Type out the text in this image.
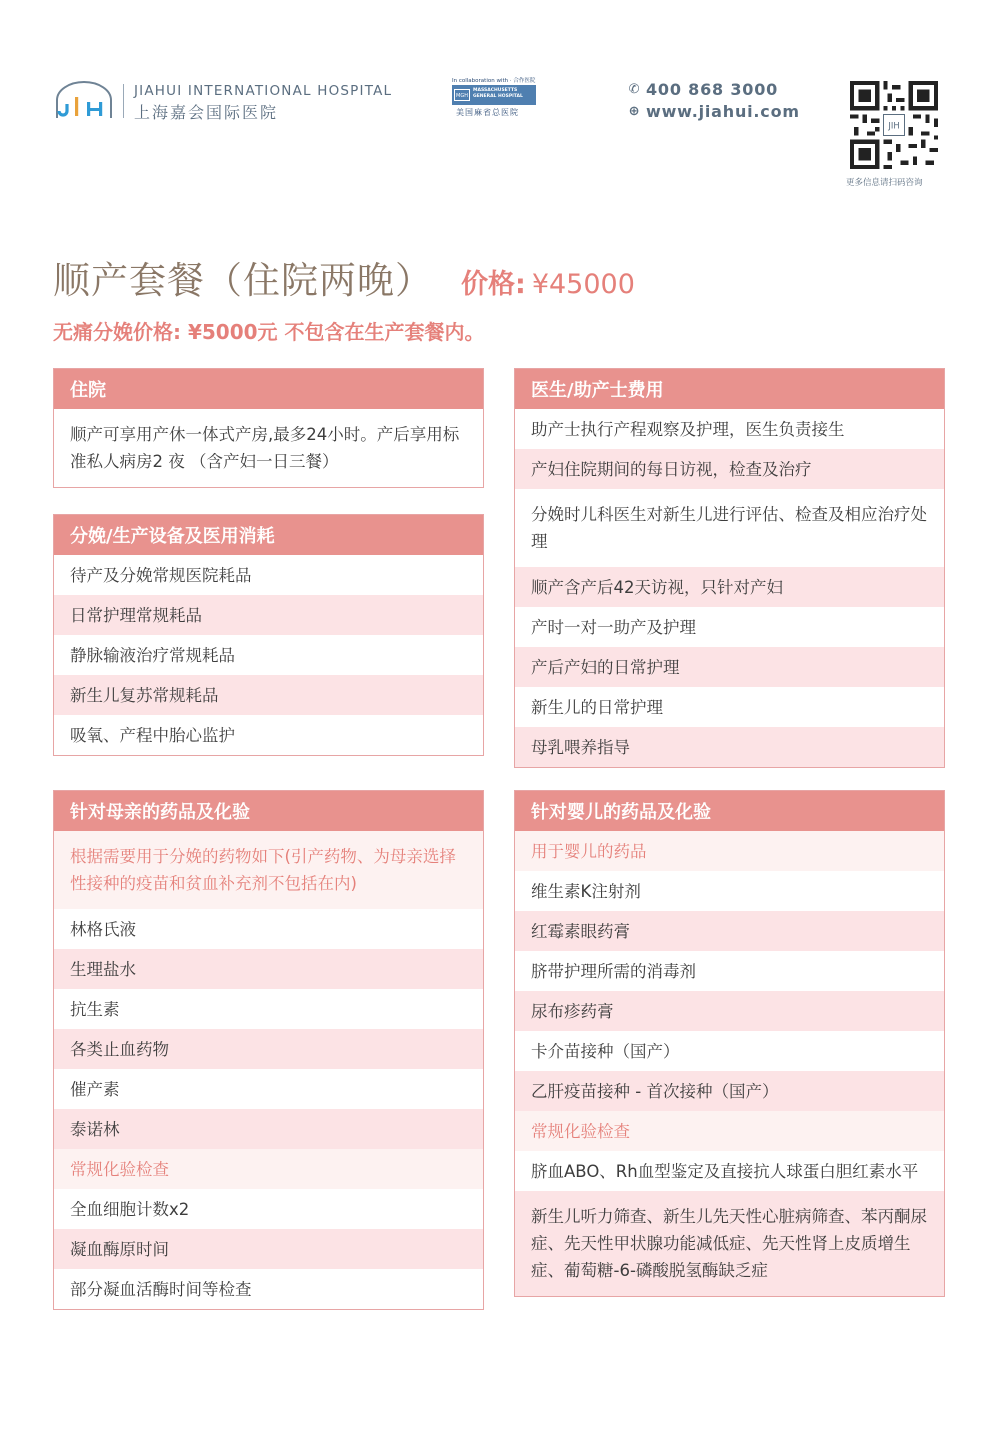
JIAHUI INTERNATIONAL HOSPITAL
上海嘉会国际医院
In collaboration with · 合作医院
MGH
MASSACHUSETTS GENERAL HOSPITAL
美国麻省总医院
✆ 400 868 3000
⊕ www.jiahui.com
JIH
更多信息请扫码咨询
顺产套餐（住院两晚） 价格: ¥45000
无痛分娩价格: ¥5000元 不包含在生产套餐内。
住院
顺产可享用产休一体式产房,最多24小时。产后享用标准私人病房2 夜 （含产妇一日三餐）
医生/助产士费用
助产士执行产程观察及护理，医生负责接生
产妇住院期间的每日访视，检查及治疗
分娩时儿科医生对新生儿进行评估、检查及相应治疗处理
顺产含产后42天访视，只针对产妇
产时一对一助产及护理
产后产妇的日常护理
新生儿的日常护理
母乳喂养指导
分娩/生产设备及医用消耗
待产及分娩常规医院耗品
日常护理常规耗品
静脉输液治疗常规耗品
新生儿复苏常规耗品
吸氧、产程中胎心监护
针对母亲的药品及化验
根据需要用于分娩的药物如下(引产药物、为母亲选择性接种的疫苗和贫血补充剂不包括在内)
林格氏液
生理盐水
抗生素
各类止血药物
催产素
泰诺林
常规化验检查
全血细胞计数x2
凝血酶原时间
部分凝血活酶时间等检查
针对婴儿的药品及化验
用于婴儿的药品
维生素K注射剂
红霉素眼药膏
脐带护理所需的消毒剂
尿布疹药膏
卡介苗接种（国产）
乙肝疫苗接种 - 首次接种（国产）
常规化验检查
脐血ABO、Rh血型鉴定及直接抗人球蛋白胆红素水平
新生儿听力筛查、新生儿先天性心脏病筛查、苯丙酮尿症、先天性甲状腺功能减低症、先天性肾上皮质增生症、葡萄糖-6-磷酸脱氢酶缺乏症
